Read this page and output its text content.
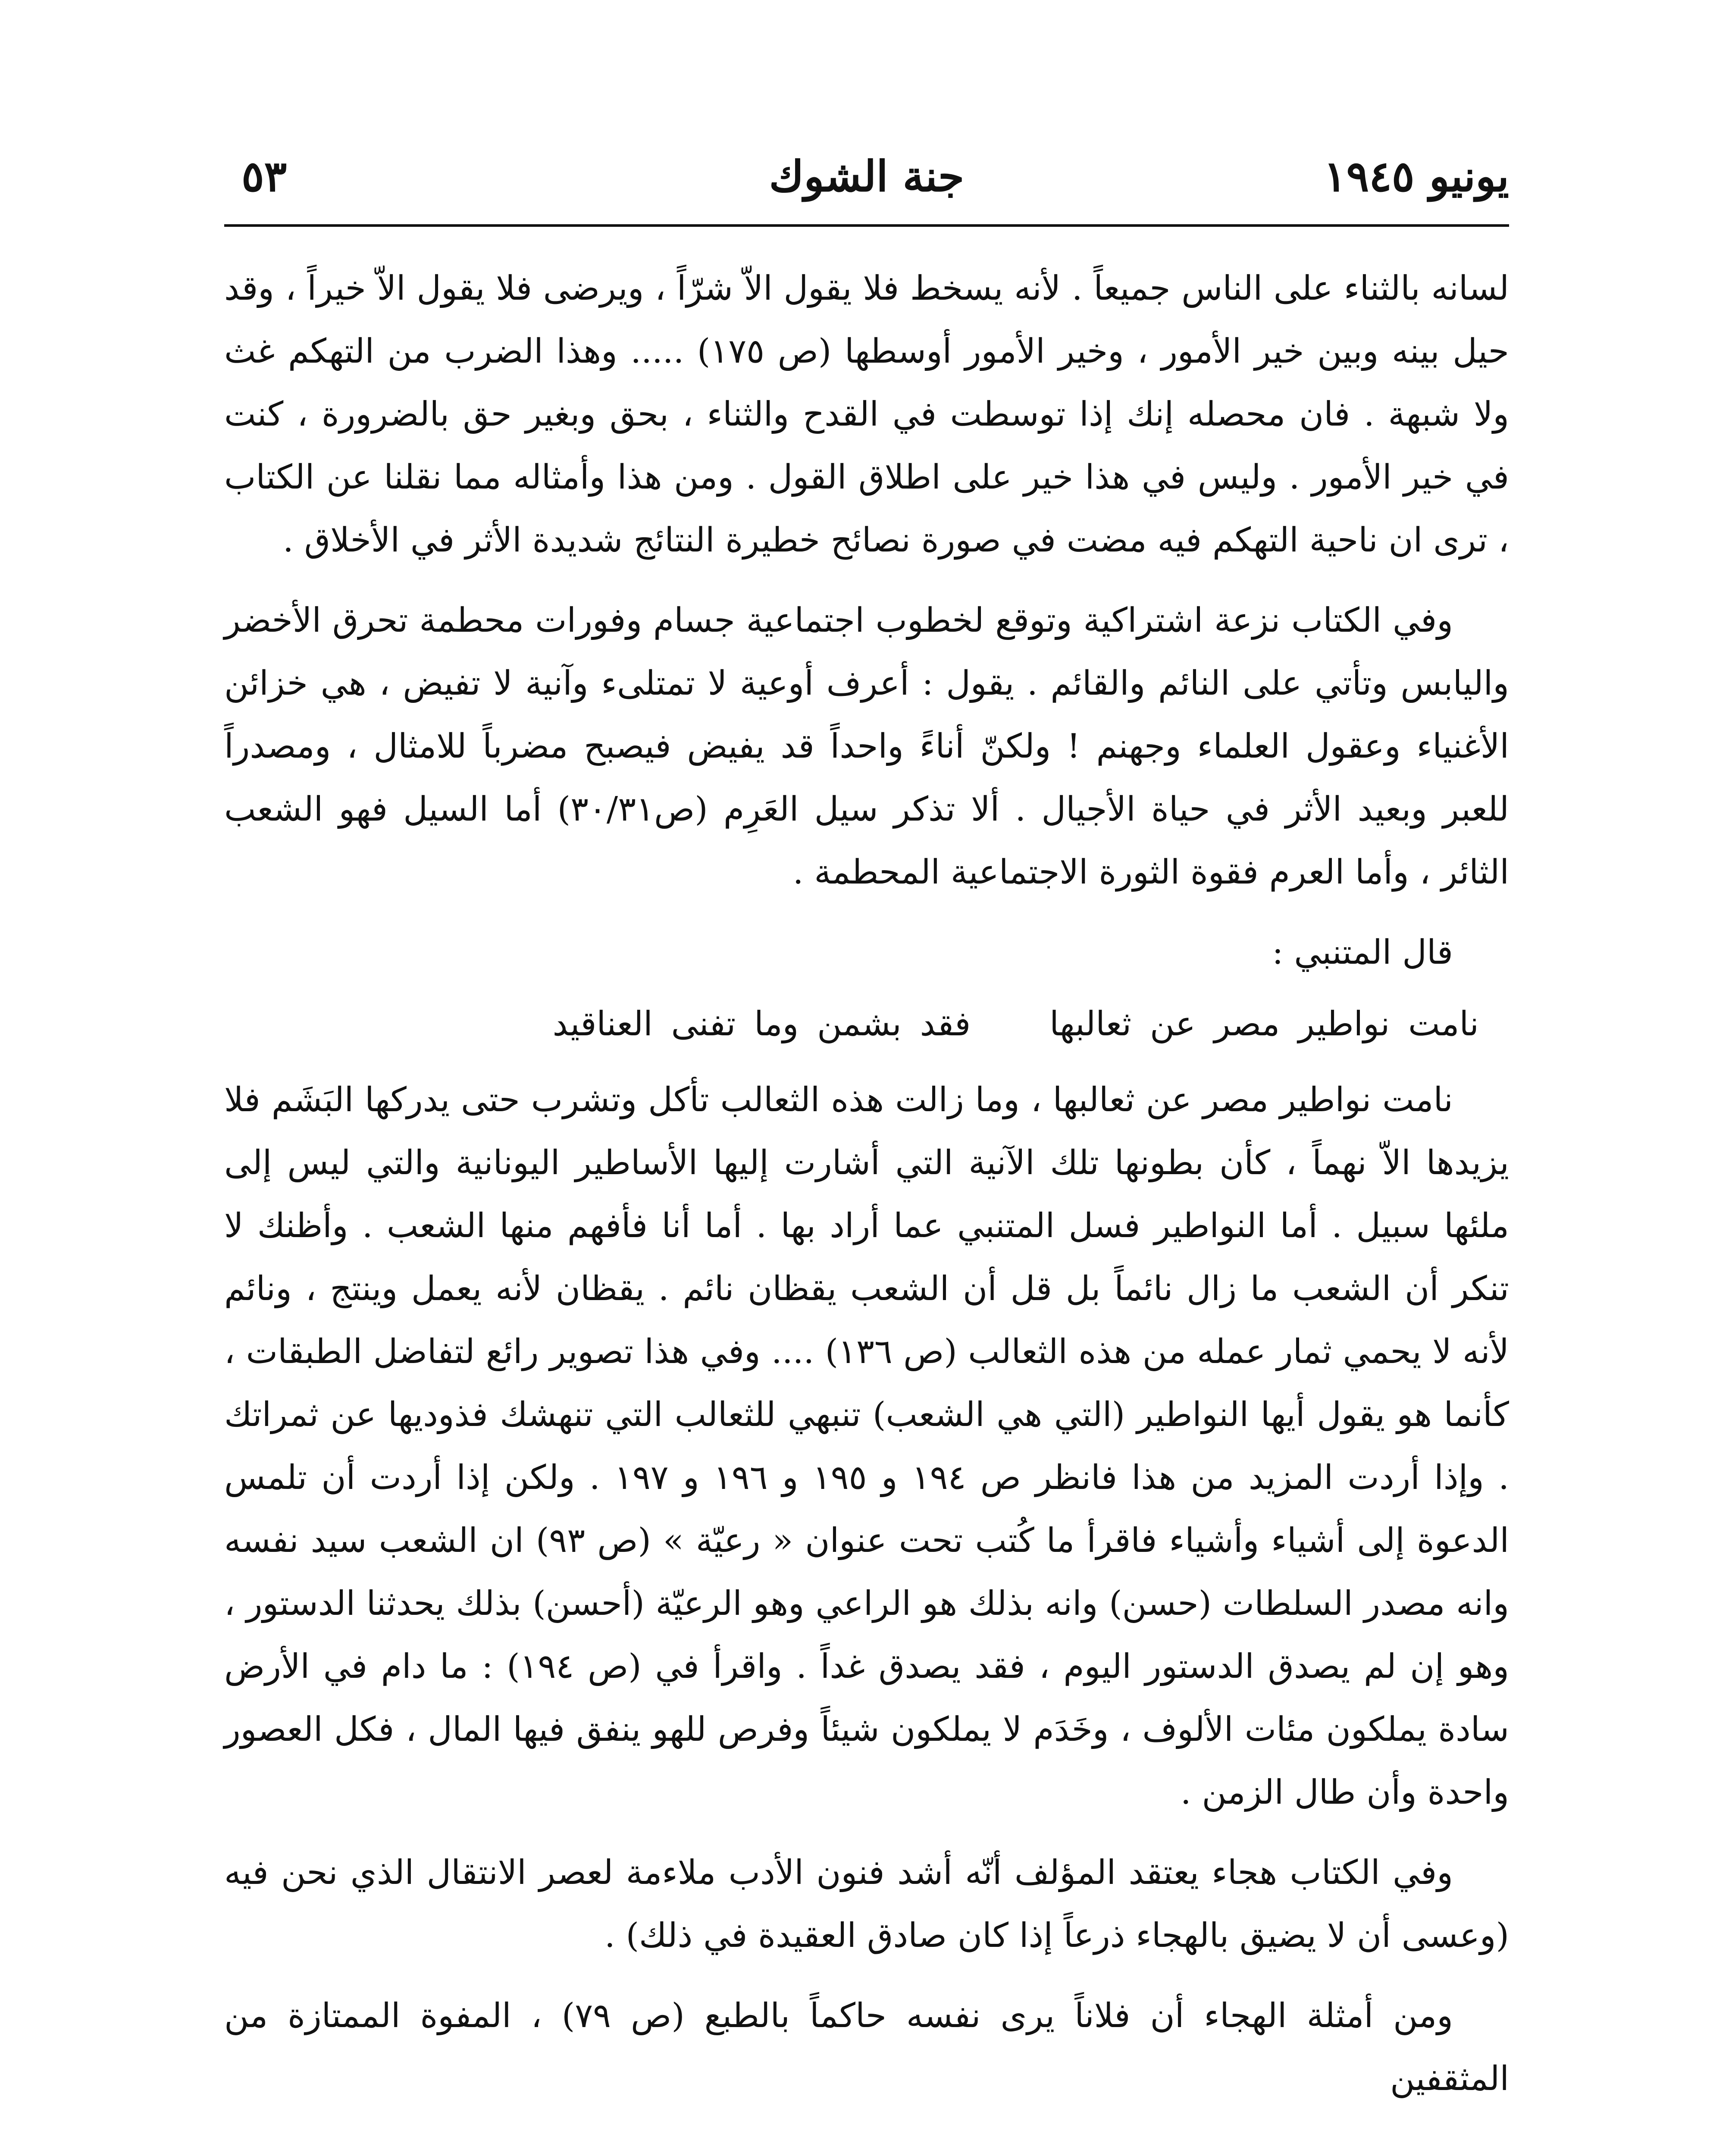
يونيو ١٩٤٥
جنة الشوك
٥٣

لسانه بالثناء على الناس جميعاً . لأنه يسخط فلا يقول الاّ شرّاً ، ويرضى فلا يقول الاّ خيراً ، وقد حيل بينه وبين خير الأمور ، وخير الأمور أوسطها (ص ١٧٥) ..... وهذا الضرب من التهكم غث ولا شبهة . فان محصله إنك إذا توسطت في القدح والثناء ، بحق وبغير حق بالضرورة ، كنت في خير الأمور . وليس في هذا خير على اطلاق القول . ومن هذا وأمثاله مما نقلنا عن الكتاب ، ترى ان ناحية التهكم فيه مضت في صورة نصائح خطيرة النتائج شديدة الأثر في الأخلاق .

وفي الكتاب نزعة اشتراكية وتوقع لخطوب اجتماعية جسام وفورات محطمة تحرق الأخضر واليابس وتأتي على النائم والقائم . يقول : أعرف أوعية لا تمتلىء وآنية لا تفيض ، هي خزائن الأغنياء وعقول العلماء وجهنم ! ولكنّ أناءً واحداً قد يفيض فيصبح مضرباً للامثال ، ومصدراً للعبر وبعيد الأثر في حياة الأجيال . ألا تذكر سيل العَرِم (ص٣٠/٣١) أما السيل فهو الشعب الثائر ، وأما العرم فقوة الثورة الاجتماعية المحطمة .

قال المتنبي :

نامت نواطير مصر عن ثعالبها فقد بشمن وما تفنى العناقيد

نامت نواطير مصر عن ثعالبها ، وما زالت هذه الثعالب تأكل وتشرب حتى يدركها البَشَم فلا يزيدها الاّ نهماً ، كأن بطونها تلك الآنية التي أشارت إليها الأساطير اليونانية والتي ليس إلى ملئها سبيل . أما النواطير فسل المتنبي عما أراد بها . أما أنا فأفهم منها الشعب . وأظنك لا تنكر أن الشعب ما زال نائماً بل قل أن الشعب يقظان نائم . يقظان لأنه يعمل وينتج ، ونائم لأنه لا يحمي ثمار عمله من هذه الثعالب (ص ١٣٦) .... وفي هذا تصوير رائع لتفاضل الطبقات ، كأنما هو يقول أيها النواطير (التي هي الشعب) تنبهي للثعالب التي تنهشك فذوديها عن ثمراتك . وإذا أردت المزيد من هذا فانظر ص ١٩٤ و ١٩٥ و ١٩٦ و ١٩٧ . ولكن إذا أردت أن تلمس الدعوة إلى أشياء وأشياء فاقرأ ما كُتب تحت عنوان « رعيّة » (ص ٩٣) ان الشعب سيد نفسه وانه مصدر السلطات (حسن) وانه بذلك هو الراعي وهو الرعيّة (أحسن) بذلك يحدثنا الدستور ، وهو إن لم يصدق الدستور اليوم ، فقد يصدق غداً . واقرأ في (ص ١٩٤) : ما دام في الأرض سادة يملكون مئات الألوف ، وخَدَم لا يملكون شيئاً وفرص للهو ينفق فيها المال ، فكل العصور واحدة وأن طال الزمن .

وفي الكتاب هجاء يعتقد المؤلف أنّه أشد فنون الأدب ملاءمة لعصر الانتقال الذي نحن فيه (وعسى أن لا يضيق بالهجاء ذرعاً إذا كان صادق العقيدة في ذلك) .

ومن أمثلة الهجاء أن فلاناً يرى نفسه حاكماً بالطبع (ص ٧٩) ، المفوة الممتازة من المثقفين
